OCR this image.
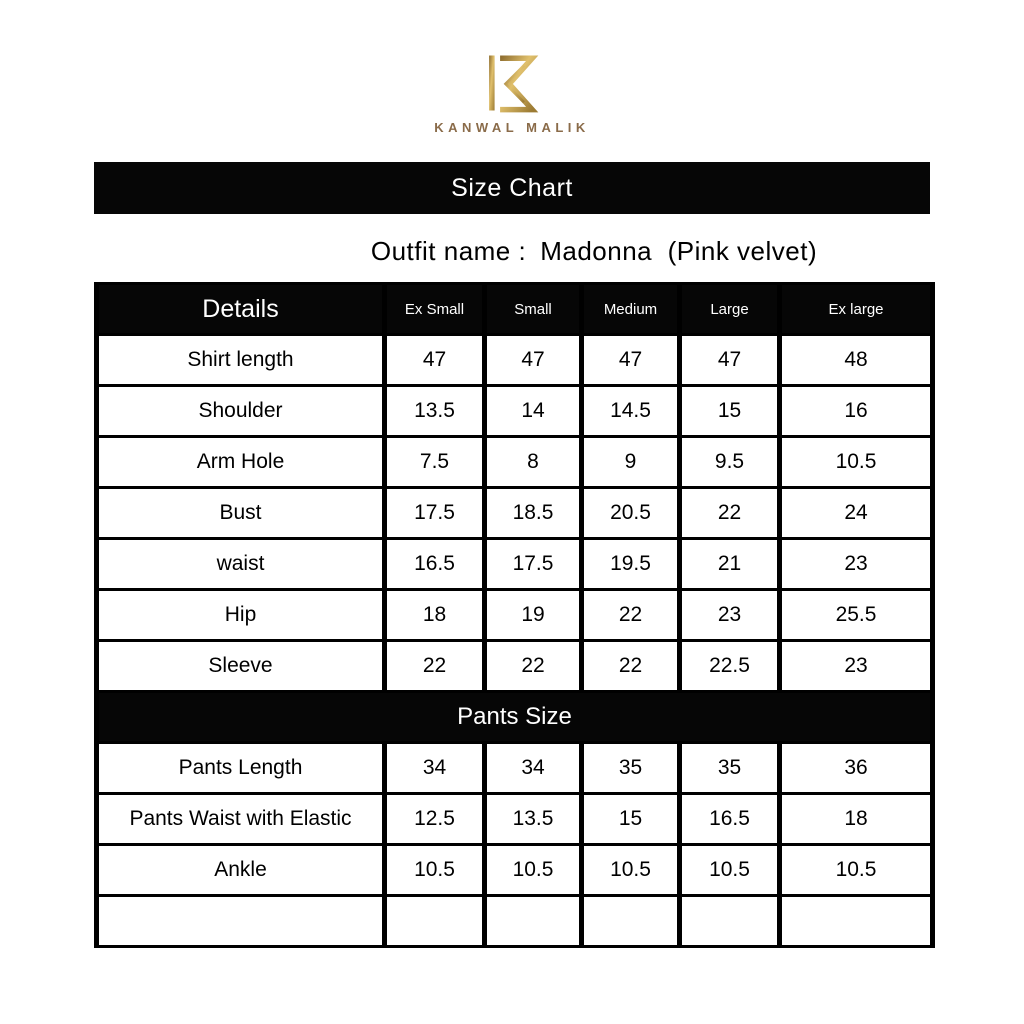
KANWAL MALIK
Size Chart
Outfit name : Madonna  (Pink velvet)
Details	Ex Small	Small	Medium	Large	Ex large
Shirt length	47	47	47	47	48
Shoulder	13.5	14	14.5	15	16
Arm Hole	7.5	8	9	9.5	10.5
Bust	17.5	18.5	20.5	22	24
waist	16.5	17.5	19.5	21	23
Hip	18	19	22	23	25.5
Sleeve	22	22	22	22.5	23
Pants Size					
Pants Length	34	34	35	35	36
Pants Waist with Elastic	12.5	13.5	15	16.5	18
Ankle	10.5	10.5	10.5	10.5	10.5
